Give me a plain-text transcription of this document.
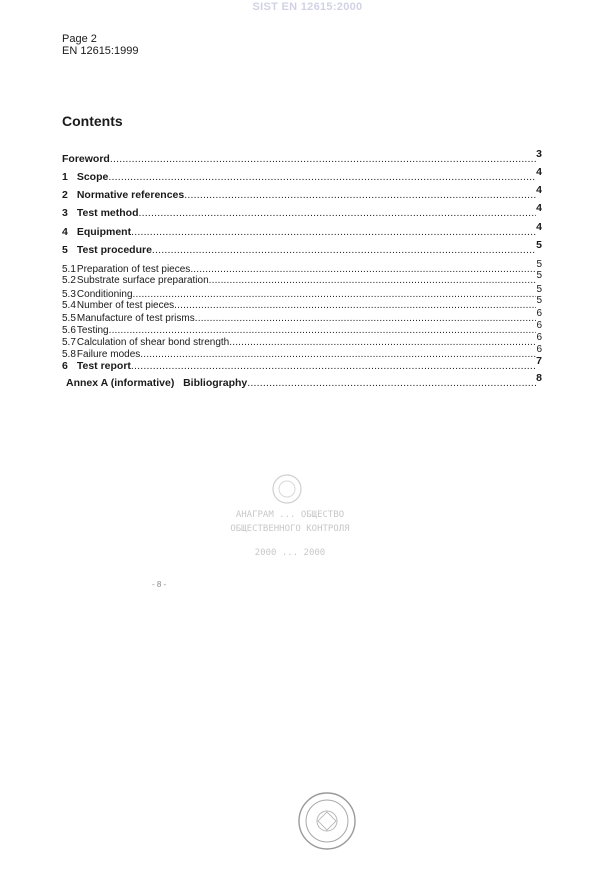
SIST EN 12615:2000
Page 2
EN 12615:1999
Contents
Foreword .....	3
1 Scope .....	4
2 Normative references .....	4
3 Test method .....	4
4 Equipment .....	4
5 Test procedure .....	5
5.1 Preparation of test pieces .....	5
5.2 Substrate surface preparation .....	5
5.3 Conditioning .....	5
5.4 Number of test pieces .....	5
5.5 Manufacture of test prisms .....	6
5.6 Testing .....	6
5.7 Calculation of shear bond strength .....	6
5.8 Failure modes .....	6
6 Test report .....	7
Annex A (informative)   Bibliography .....	8
АНАГРАМ ... ОБЩЕСТВО
ОБЩЕСТВЕННОГО КОНТРОЛЯ
2000 ... 2000
- 8 -
